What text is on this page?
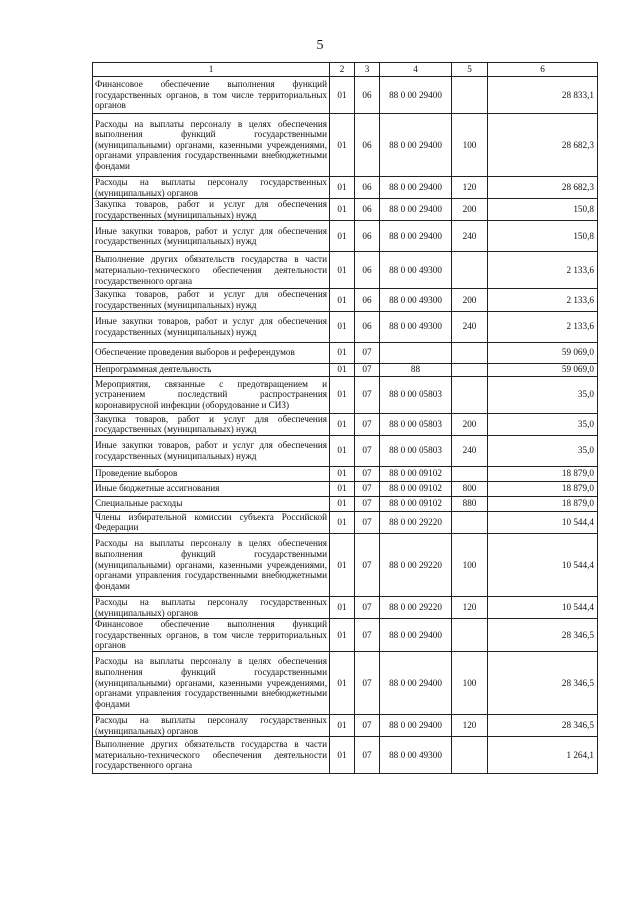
5
1	2	3	4	5	6
Финансовое обеспечение выполнения функций государственных органов, в том числе территориальных органов	01	06	88 0 00 29400		28 833,1
Расходы на выплаты персоналу в целях обеспечения выполнения функций государственными (муниципальными) органами, казенными учреждениями, органами управления государственными внебюджетными фондами	01	06	88 0 00 29400	100	28 682,3
Расходы на выплаты персоналу государственных (муниципальных) органов	01	06	88 0 00 29400	120	28 682,3
Закупка товаров, работ и услуг для обеспечения государственных (муниципальных) нужд	01	06	88 0 00 29400	200	150,8
Иные закупки товаров, работ и услуг для обеспечения государственных (муниципальных) нужд	01	06	88 0 00 29400	240	150,8
Выполнение других обязательств государства в части материально-технического обеспечения деятельности государственного органа	01	06	88 0 00 49300		2 133,6
Закупка товаров, работ и услуг для обеспечения государственных (муниципальных) нужд	01	06	88 0 00 49300	200	2 133,6
Иные закупки товаров, работ и услуг для обеспечения государственных (муниципальных) нужд	01	06	88 0 00 49300	240	2 133,6
Обеспечение проведения выборов и референдумов	01	07			59 069,0
Непрограммная деятельность	01	07	88		59 069,0
Мероприятия, связанные с предотвращением и устранением последствий распространения коронавирусной инфекции (оборудование и СИЗ)	01	07	88 0 00 05803		35,0
Закупка товаров, работ и услуг для обеспечения государственных (муниципальных) нужд	01	07	88 0 00 05803	200	35,0
Иные закупки товаров, работ и услуг для обеспечения государственных (муниципальных) нужд	01	07	88 0 00 05803	240	35,0
Проведение выборов	01	07	88 0 00 09102		18 879,0
Иные бюджетные ассигнования	01	07	88 0 00 09102	800	18 879,0
Специальные расходы	01	07	88 0 00 09102	880	18 879,0
Члены избирательной комиссии субъекта Российской Федерации	01	07	88 0 00 29220		10 544,4
Расходы на выплаты персоналу в целях обеспечения выполнения функций государственными (муниципальными) органами, казенными учреждениями, органами управления государственными внебюджетными фондами	01	07	88 0 00 29220	100	10 544,4
Расходы на выплаты персоналу государственных (муниципальных) органов	01	07	88 0 00 29220	120	10 544,4
Финансовое обеспечение выполнения функций государственных органов, в том числе территориальных органов	01	07	88 0 00 29400		28 346,5
Расходы на выплаты персоналу в целях обеспечения выполнения функций государственными (муниципальными) органами, казенными учреждениями, органами управления государственными внебюджетными фондами	01	07	88 0 00 29400	100	28 346,5
Расходы на выплаты персоналу государственных (муниципальных) органов	01	07	88 0 00 29400	120	28 346,5
Выполнение других обязательств государства в части материально-технического обеспечения деятельности государственного органа	01	07	88 0 00 49300		1 264,1
